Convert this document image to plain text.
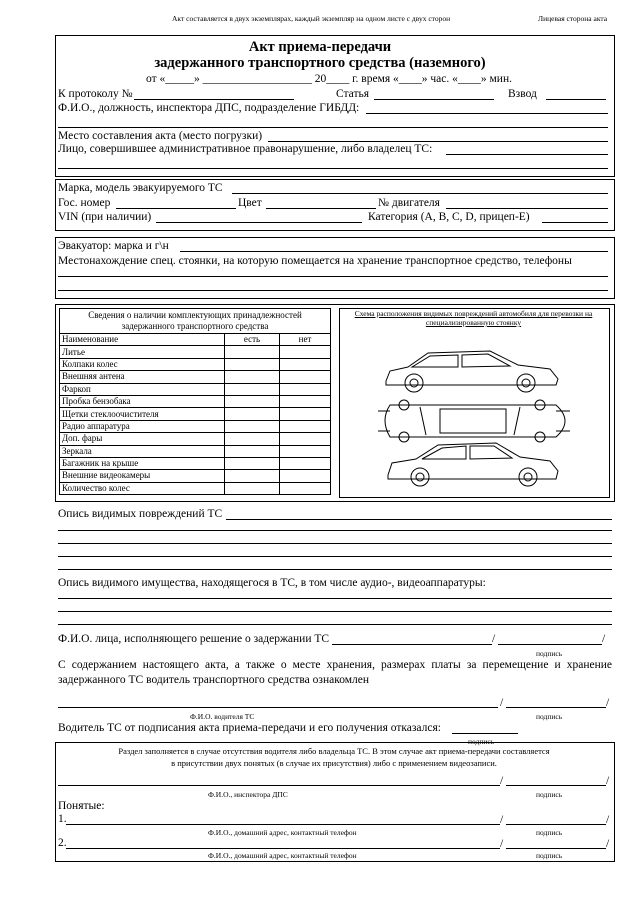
Акт составляется в двух экземплярах, каждый экземпляр на одном листе с двух сторон	Лицевая сторона акта
Акт приема-передачи
задержанного транспортного средства (наземного)
от «_____» ___________________ 20____ г. время «____» час. «____» мин.
К протоколу №	Статья	Взвод
Ф.И.О., должность, инспектора ДПС, подразделение ГИБДД:
Место составления акта (место погрузки)
Лицо, совершившее административное правонарушение, либо владелец ТС:
Марка, модель эвакуируемого ТС
Гос. номер	Цвет	№ двигателя
VIN (при наличии)	Категория (A, B, C, D, прицеп-E)
Эвакуатор: марка и г\н
Местонахождение спец. стоянки, на которую помещается на хранение транспортное средство, телефоны
Сведения о наличии комплектующих принадлежностей задержанного транспортного средства		
Наименование	есть	нет
Литье		
Колпаки колес		
Внешняя антена		
Фаркоп		
Пробка бензобака		
Щетки стеклоочистителя		
Радио аппаратура		
Доп. фары		
Зеркала		
Багажник на крыше		
Внешние видеокамеры		
Количество колес		
Схема расположения видимых повреждений автомобиля для перевозки на специализированную стоянку
Опись видимых повреждений ТС
Опись видимого имущества, находящегося в ТС, в том числе аудио-, видеоаппаратуры:
Ф.И.О. лица, исполняющего решение о задержании ТС	/	/
подпись
С содержанием настоящего акта, а также о месте хранения, размерах платы за перемещение и хранение задержанного ТС водитель транспортного средства ознакомлен
/	/
Ф.И.О. водителя ТС	подпись
Водитель ТС от подписания акта приема-передачи и его получения отказался:
подпись
Раздел заполняется в случае отсутствия водителя либо владельца ТС. В этом случае акт приема-передачи составляется
в присутствии двух понятых (в случае их присутствия) либо с применением видеозаписи.
/	/
Ф.И.О., инспектора ДПС	подпись
Понятые:
1.	/	/
Ф.И.О., домашний адрес, контактный телефон	подпись
2.	/	/
Ф.И.О., домашний адрес, контактный телефон	подпись
